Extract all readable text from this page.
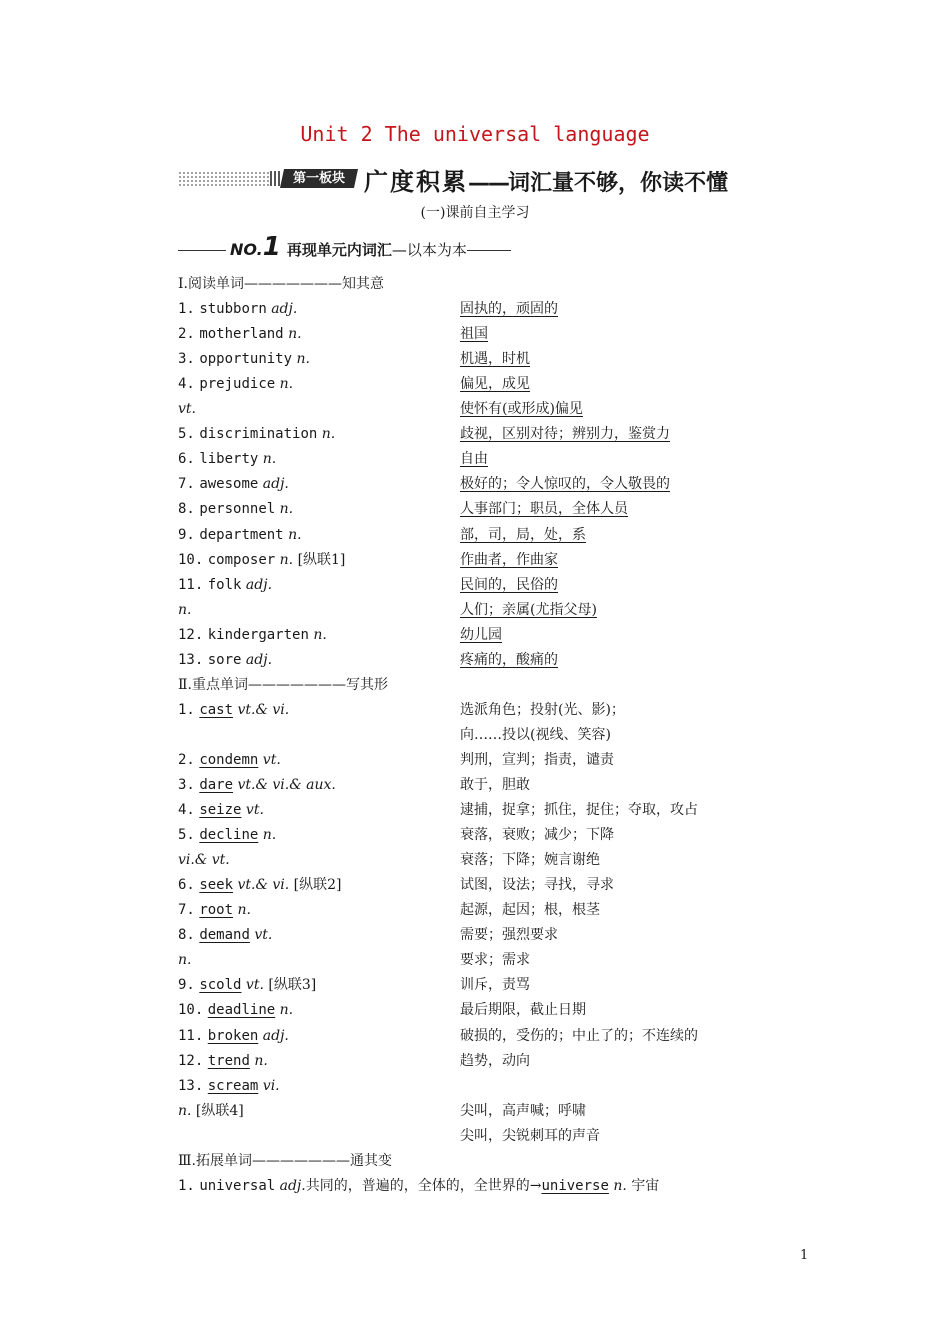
Unit 2 The universal language
第一板块 广度积累——词汇量不够，你读不懂
(一)课前自主学习
NO.1 再现单元内词汇—以本为本
Ⅰ.阅读单词———————知其意
1. stubborn adj.	固执的，顽固的
2. motherland n.	祖国
3. opportunity n.	机遇，时机
4. prejudice n.	偏见，成见
vt.	使怀有(或形成)偏见
5. discrimination n.	歧视，区别对待；辨别力，鉴赏力
6. liberty n.	自由
7. awesome adj.	极好的；令人惊叹的，令人敬畏的
8. personnel n.	人事部门；职员，全体人员
9. department n.	部，司，局，处，系
10. composer n. [纵联1]	作曲者，作曲家
11. folk adj.	民间的，民俗的
n.	人们；亲属(尤指父母)
12. kindergarten n.	幼儿园
13. sore adj.	疼痛的，酸痛的
Ⅱ.重点单词———————写其形
1. cast vt.& vi.	选派角色；投射(光、影)；
向……投以(视线、笑容)
2. condemn vt.	判刑，宣判；指责，谴责
3. dare vt.& vi.& aux.	敢于，胆敢
4. seize vt.	逮捕，捉拿；抓住，捉住；夺取，攻占
5. decline n.	衰落，衰败；减少；下降
vi.& vt.	衰落；下降；婉言谢绝
6. seek vt.& vi. [纵联2]	试图，设法；寻找，寻求
7. root n.	起源，起因；根，根茎
8. demand vt.	需要；强烈要求
n.	要求；需求
9. scold vt. [纵联3]	训斥，责骂
10. deadline n.	最后期限，截止日期
11. broken adj.	破损的，受伤的；中止了的；不连续的
12. trend n.	趋势，动向
13. scream vi.
n. [纵联4]	尖叫，高声喊；呼啸
尖叫，尖锐刺耳的声音
Ⅲ.拓展单词———————通其变
1. universal adj.共同的，普遍的，全体的，全世界的→universe n. 宇宙
1
